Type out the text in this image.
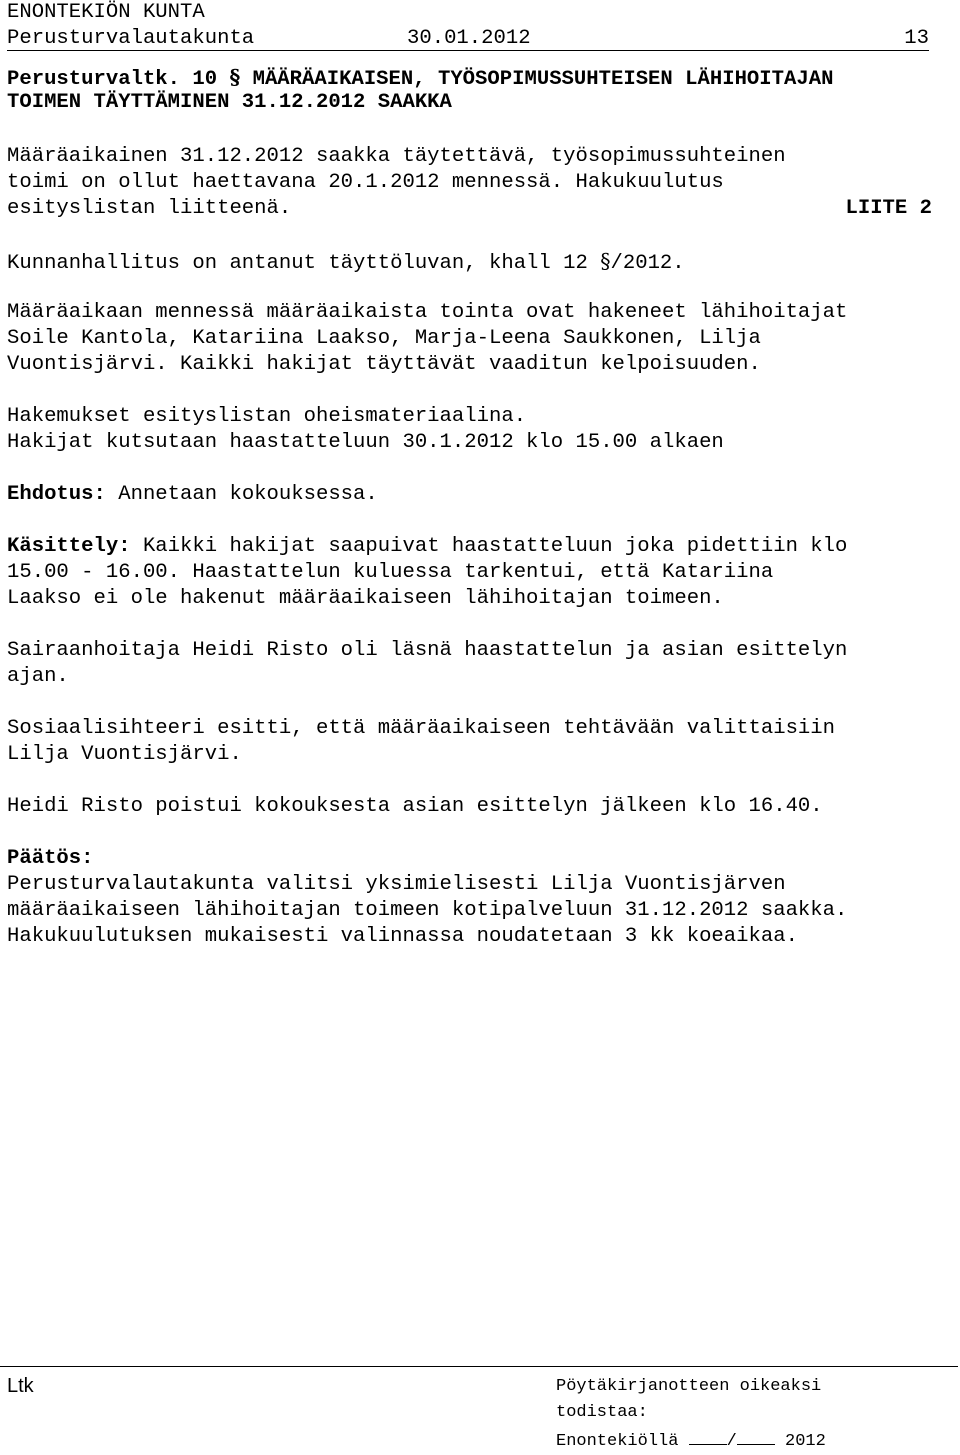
ENONTEKIÖN KUNTA
Perusturvalautakunta	30.01.2012	13
Perusturvaltk. 10 § MÄÄRÄAIKAISEN, TYÖSOPIMUSSUHTEISEN LÄHIHOITAJAN
TOIMEN TÄYTTÄMINEN 31.12.2012 SAAKKA
Määräaikainen 31.12.2012 saakka täytettävä, työsopimussuhteinen
toimi on ollut haettavana 20.1.2012 mennessä. Hakukuulutus
esityslistan liitteenä.	LIITE 2
Kunnanhallitus on antanut täyttöluvan, khall 12 §/2012.
Määräaikaan mennessä määräaikaista tointa ovat hakeneet lähihoitajat
Soile Kantola, Katariina Laakso, Marja-Leena Saukkonen, Lilja
Vuontisjärvi. Kaikki hakijat täyttävät vaaditun kelpoisuuden.
Hakemukset esityslistan oheismateriaalina.
Hakijat kutsutaan haastatteluun 30.1.2012 klo 15.00 alkaen
Ehdotus: Annetaan kokouksessa.
Käsittely: Kaikki hakijat saapuivat haastatteluun joka pidettiin klo
15.00 - 16.00. Haastattelun kuluessa tarkentui, että Katariina
Laakso ei ole hakenut määräaikaiseen lähihoitajan toimeen.
Sairaanhoitaja Heidi Risto oli läsnä haastattelun ja asian esittelyn
ajan.
Sosiaalisihteeri esitti, että määräaikaiseen tehtävään valittaisiin
Lilja Vuontisjärvi.
Heidi Risto poistui kokouksesta asian esittelyn jälkeen klo 16.40.
Päätös:
Perusturvalautakunta valitsi yksimielisesti Lilja Vuontisjärven
määräaikaiseen lähihoitajan toimeen kotipalveluun 31.12.2012 saakka.
Hakukuulutuksen mukaisesti valinnassa noudatetaan 3 kk koeaikaa.
Ltk	Pöytäkirjanotteen oikeaksi
todistaa:
Enontekiöllä / 2012
